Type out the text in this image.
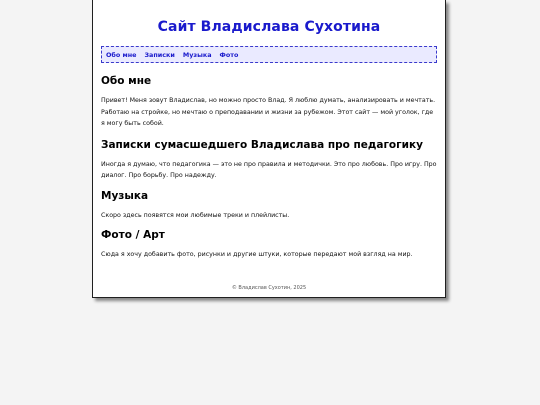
Сайт Владислава Сухотина
Обо мне Записки Музыка Фото
Обо мне

Привет! Меня зовут Владислав, но можно просто Влад. Я люблю думать, анализировать и мечтать. Работаю на стройке, но мечтаю о преподавании и жизни за рубежом. Этот сайт — мой уголок, где я могу быть собой.

Записки сумасшедшего Владислава про педагогику

Иногда я думаю, что педагогика — это не про правила и методички. Это про любовь. Про игру. Про диалог. Про борьбу. Про надежду.

Музыка

Скоро здесь появятся мои любимые треки и плейлисты.

Фото / Арт

Сюда я хочу добавить фото, рисунки и другие штуки, которые передают мой взгляд на мир.

© Владислав Сухотин, 2025
